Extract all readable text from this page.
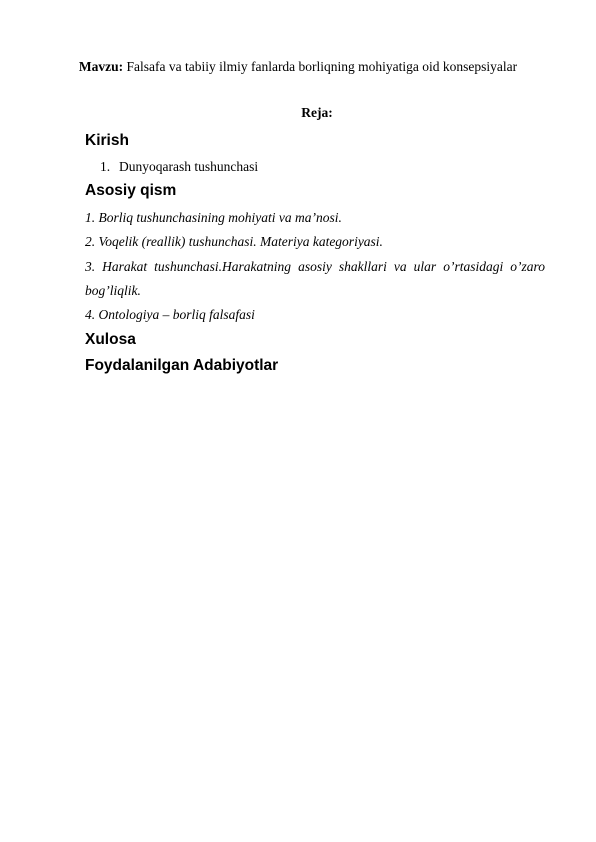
Mavzu: Falsafa va tabiiy ilmiy fanlarda borliqning mohiyatiga oid konsepsiyalar
Reja:
Kirish
1. Dunyoqarash tushunchasi
Asosiy qism
1. Borliq tushunchasining mohiyati va ma’nosi.
2. Voqelik (reallik) tushunchasi. Materiya kategoriyasi.
3. Harakat tushunchasi.Harakatning asosiy shakllari va ular o’rtasidagi o’zaro
bog’liqlik.
4. Ontologiya – borliq falsafasi
Xulosa
Foydalanilgan Adabiyotlar
